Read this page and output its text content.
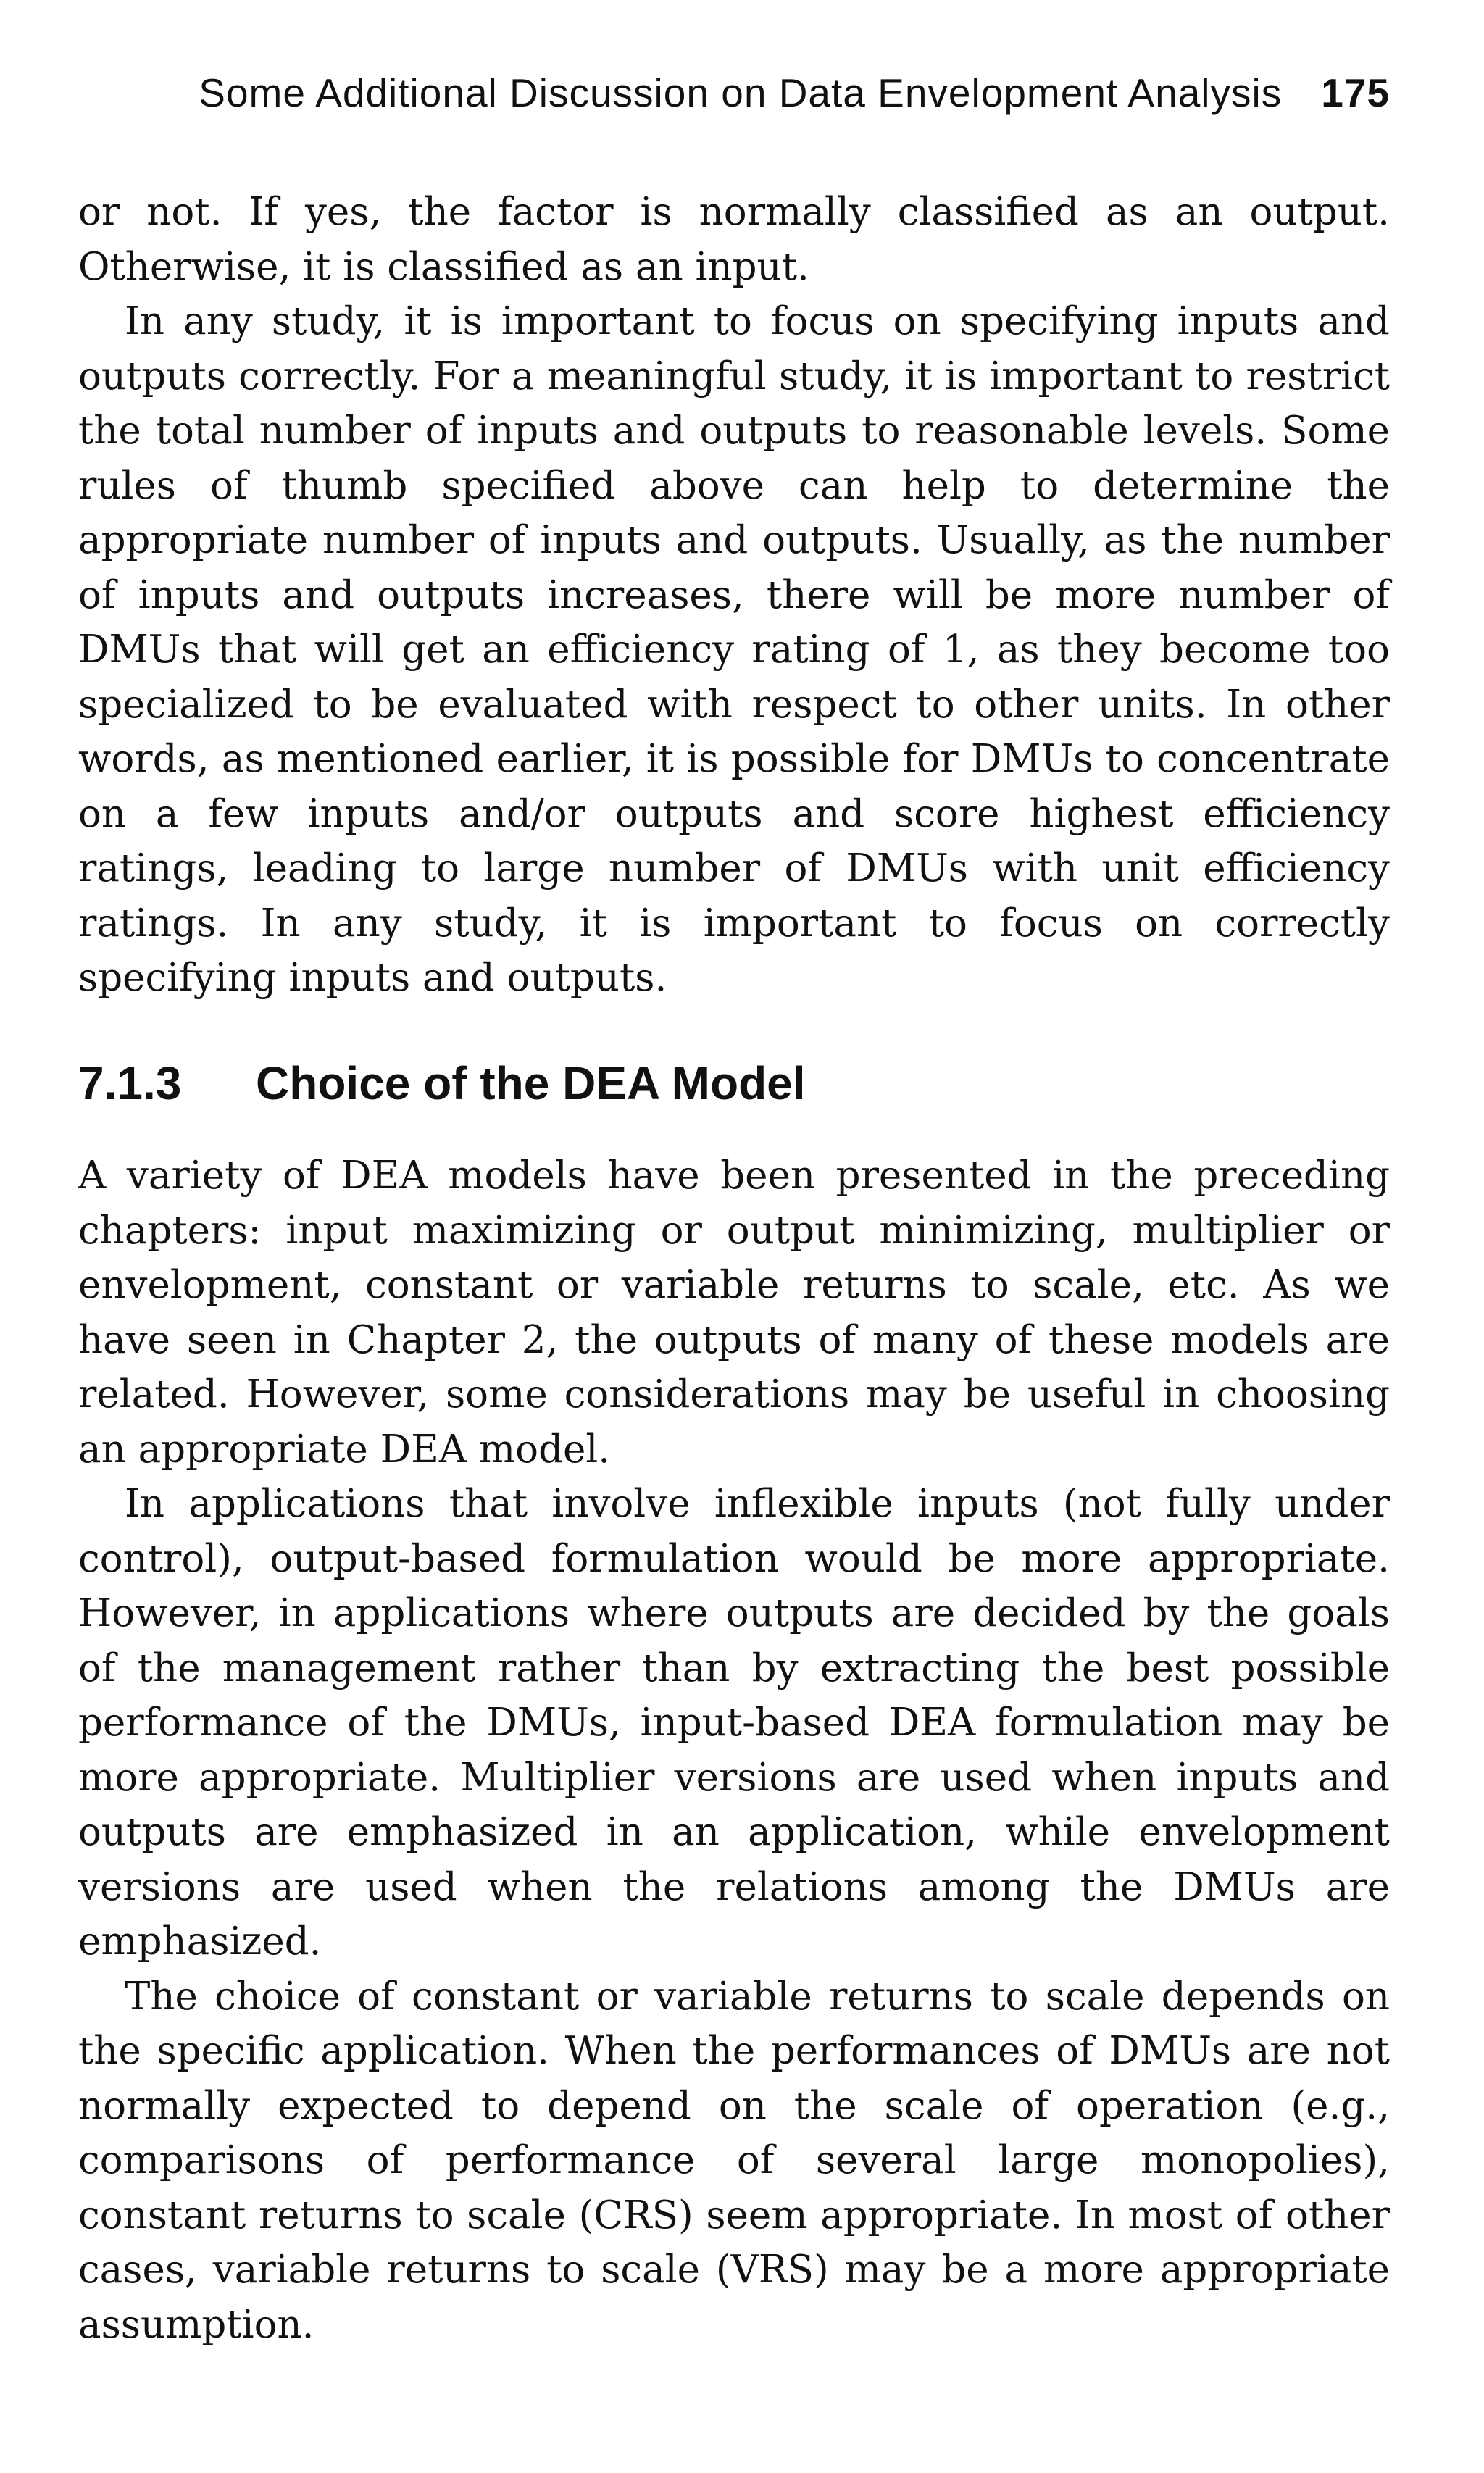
Some Additional Discussion on Data Envelopment Analysis 175

or not. If yes, the factor is normally classified as an output. Otherwise, it is classified as an input.

In any study, it is important to focus on specifying inputs and outputs correctly. For a meaningful study, it is important to restrict the total number of inputs and outputs to reasonable levels. Some rules of thumb specified above can help to determine the appropriate number of inputs and outputs. Usually, as the number of inputs and outputs increases, there will be more number of DMUs that will get an efficiency rating of 1, as they become too specialized to be evaluated with respect to other units. In other words, as mentioned earlier, it is possible for DMUs to concentrate on a few inputs and/or outputs and score highest efficiency ratings, leading to large number of DMUs with unit efficiency ratings. In any study, it is important to focus on correctly specifying inputs and outputs.

7.1.3 Choice of the DEA Model

A variety of DEA models have been presented in the preceding chapters: input maximizing or output minimizing, multiplier or envelopment, constant or variable returns to scale, etc. As we have seen in Chapter 2, the outputs of many of these models are related. However, some considerations may be useful in choosing an appropriate DEA model.

In applications that involve inflexible inputs (not fully under control), output-based formulation would be more appropriate. However, in applications where outputs are decided by the goals of the management rather than by extracting the best possible performance of the DMUs, input-based DEA formulation may be more appropriate. Multiplier versions are used when inputs and outputs are emphasized in an application, while envelopment versions are used when the relations among the DMUs are emphasized.

The choice of constant or variable returns to scale depends on the specific application. When the performances of DMUs are not normally expected to depend on the scale of operation (e.g., comparisons of performance of several large monopolies), constant returns to scale (CRS) seem appropriate. In most of other cases, variable returns to scale (VRS) may be a more appropriate assumption.
